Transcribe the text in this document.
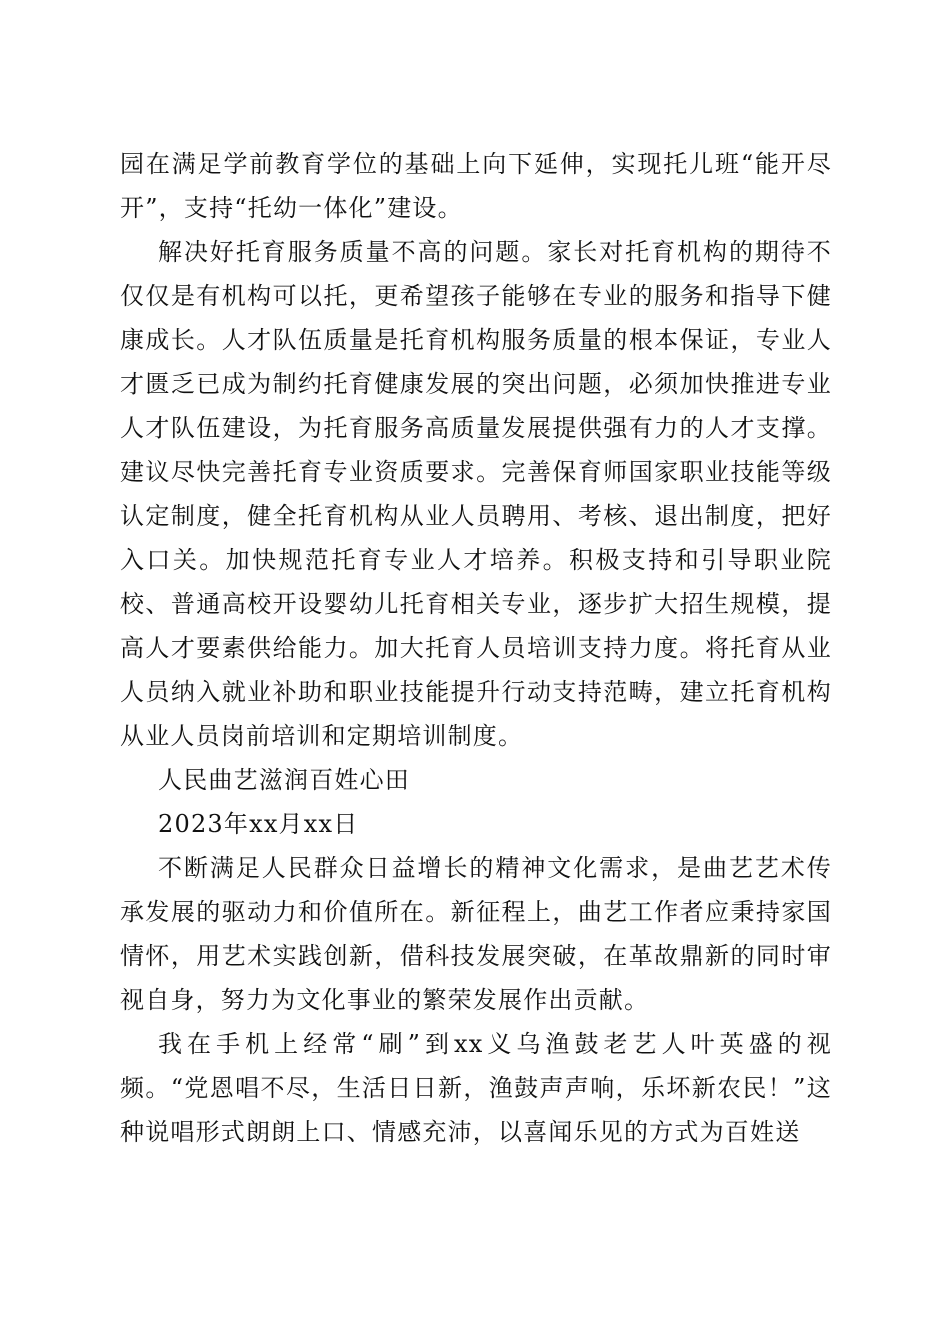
园在满足学前教育学位的基础上向下延伸，实现托儿班“能开尽开”，支持“托幼一体化”建设。

解决好托育服务质量不高的问题。家长对托育机构的期待不仅仅是有机构可以托，更希望孩子能够在专业的服务和指导下健康成长。人才队伍质量是托育机构服务质量的根本保证，专业人才匮乏已成为制约托育健康发展的突出问题，必须加快推进专业人才队伍建设，为托育服务高质量发展提供强有力的人才支撑。建议尽快完善托育专业资质要求。完善保育师国家职业技能等级认定制度，健全托育机构从业人员聘用、考核、退出制度，把好入口关。加快规范托育专业人才培养。积极支持和引导职业院校、普通高校开设婴幼儿托育相关专业，逐步扩大招生规模，提高人才要素供给能力。加大托育人员培训支持力度。将托育从业人员纳入就业补助和职业技能提升行动支持范畴，建立托育机构从业人员岗前培训和定期培训制度。

人民曲艺滋润百姓心田

2023年xx月xx日

不断满足人民群众日益增长的精神文化需求，是曲艺艺术传承发展的驱动力和价值所在。新征程上，曲艺工作者应秉持家国情怀，用艺术实践创新，借科技发展突破，在革故鼎新的同时审视自身，努力为文化事业的繁荣发展作出贡献。

我在手机上经常“刷”到xx义乌渔鼓老艺人叶英盛的视频。“党恩唱不尽，生活日日新，渔鼓声声响，乐坏新农民！”这种说唱形式朗朗上口、情感充沛，以喜闻乐见的方式为百姓送
